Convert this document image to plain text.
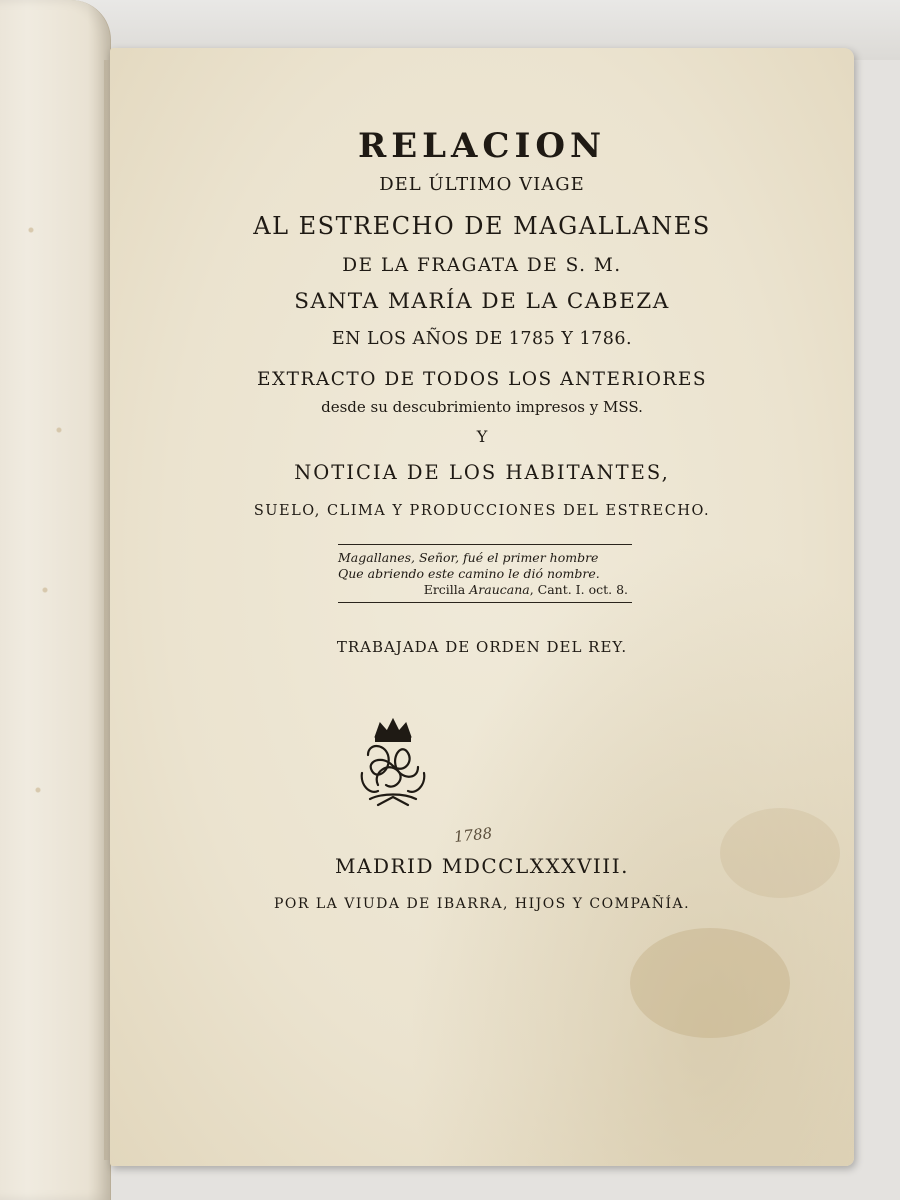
RELACION
DEL ÚLTIMO VIAGE
AL ESTRECHO DE MAGALLANES
DE LA FRAGATA DE S. M.
SANTA MARÍA DE LA CABEZA
EN LOS AÑOS DE 1785 Y 1786.
EXTRACTO DE TODOS LOS ANTERIORES
desde su descubrimiento impresos y MSS.
Y
NOTICIA DE LOS HABITANTES,
SUELO, CLIMA Y PRODUCCIONES DEL ESTRECHO.
Magallanes, Señor, fué el primer hombre
Que abriendo este camino le dió nombre.
Ercilla Araucana, Cant. I. oct. 8.
TRABAJADA DE ORDEN DEL REY.
1788
MADRID MDCCLXXXVIII.
POR LA VIUDA DE IBARRA, HIJOS Y COMPAÑÍA.
